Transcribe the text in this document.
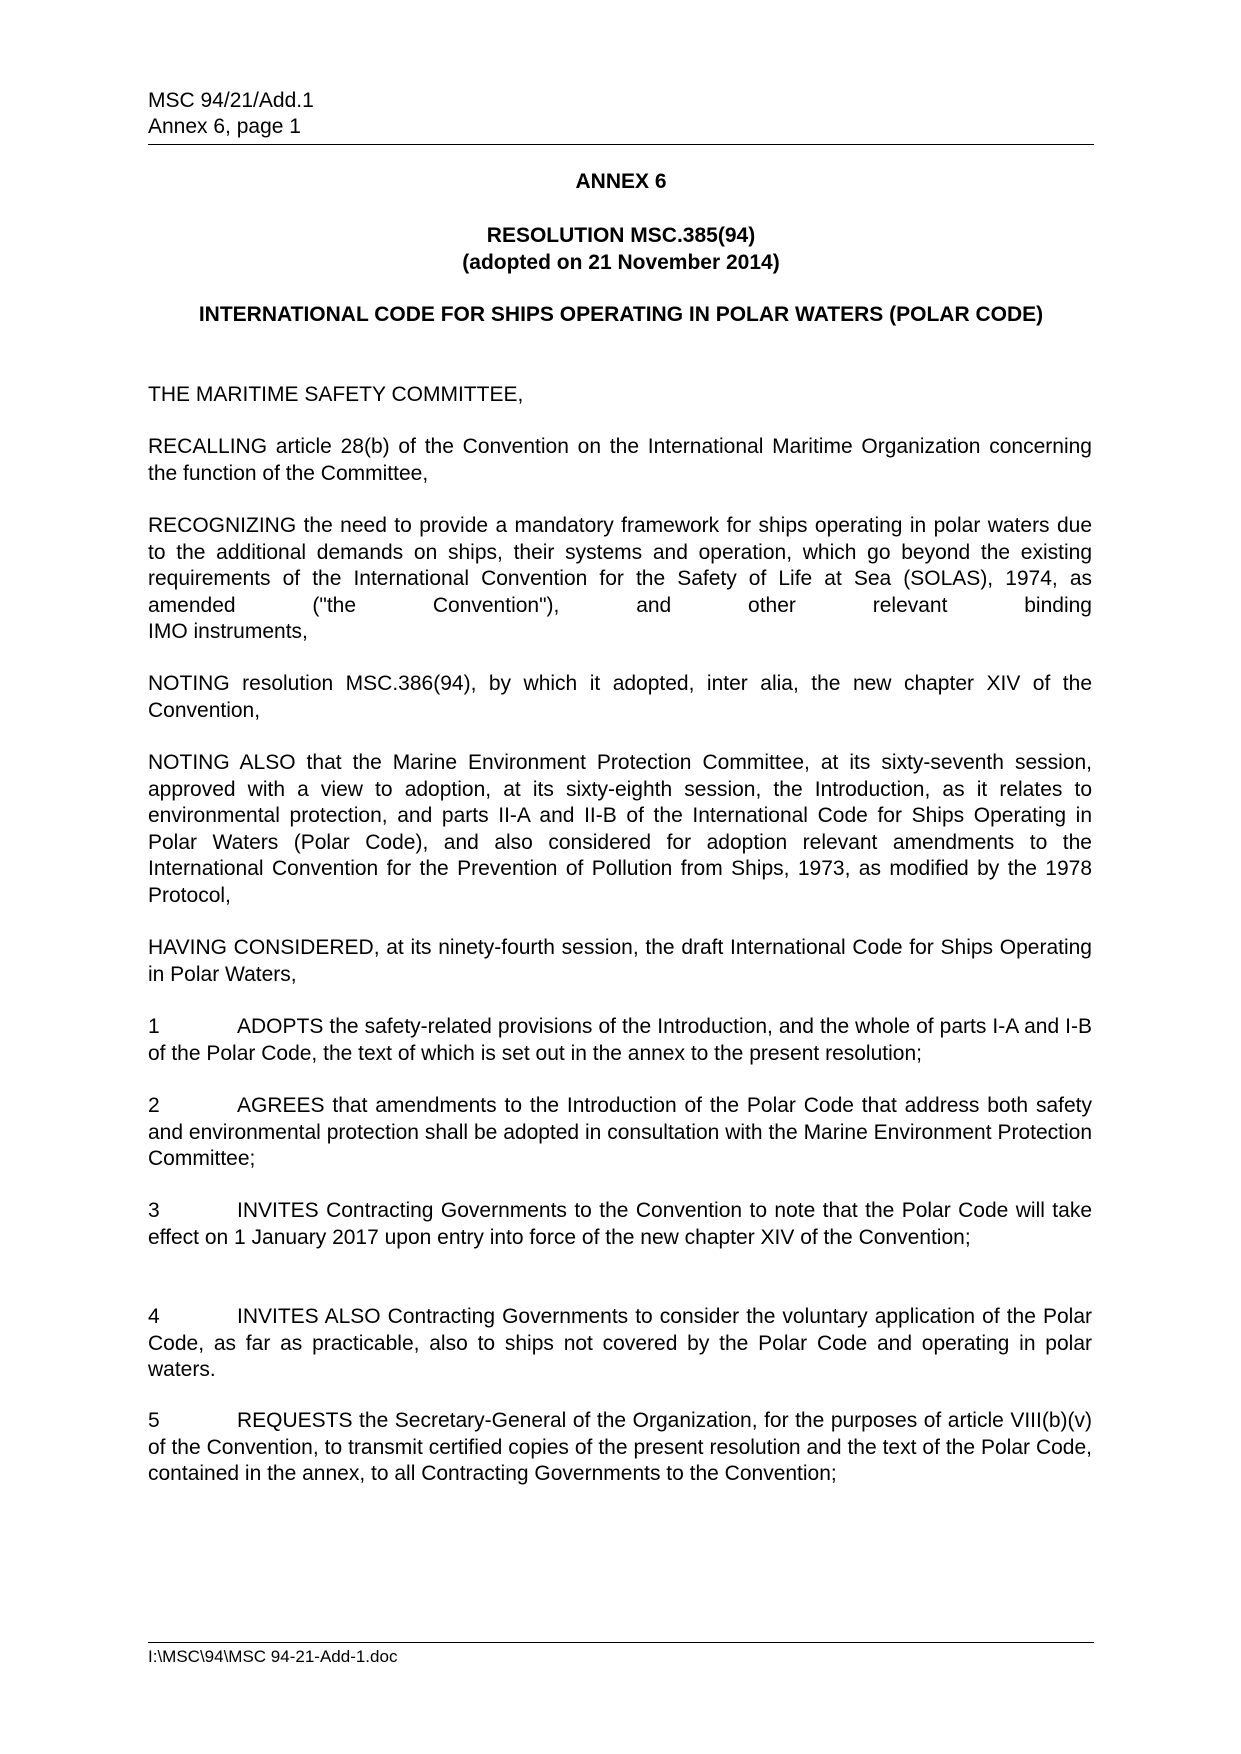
MSC 94/21/Add.1
Annex 6, page 1
ANNEX 6
RESOLUTION MSC.385(94)
(adopted on 21 November 2014)
INTERNATIONAL CODE FOR SHIPS OPERATING IN POLAR WATERS (POLAR CODE)

THE MARITIME SAFETY COMMITTEE,

RECALLING article 28(b) of the Convention on the International Maritime Organization concerning the function of the Committee,

RECOGNIZING the need to provide a mandatory framework for ships operating in polar waters due to the additional demands on ships, their systems and operation, which go beyond the existing requirements of the International Convention for the Safety of Life at Sea (SOLAS), 1974, as amended ("the Convention"), and other relevant binding

IMO instruments,

NOTING resolution MSC.386(94), by which it adopted, inter alia, the new chapter XIV of the Convention,

NOTING ALSO that the Marine Environment Protection Committee, at its sixty-seventh session, approved with a view to adoption, at its sixty-eighth session, the Introduction, as it relates to environmental protection, and parts II-A and II-B of the International Code for Ships Operating in Polar Waters (Polar Code), and also considered for adoption relevant amendments to the International Convention for the Prevention of Pollution from Ships, 1973, as modified by the 1978 Protocol,

HAVING CONSIDERED, at its ninety-fourth session, the draft International Code for Ships Operating in Polar Waters,

1	ADOPTS the safety-related provisions of the Introduction, and the whole of parts I-A and I-B of the Polar Code, the text of which is set out in the annex to the present resolution;

2	AGREES that amendments to the Introduction of the Polar Code that address both safety and environmental protection shall be adopted in consultation with the Marine Environment Protection Committee;

3	INVITES Contracting Governments to the Convention to note that the Polar Code will take effect on 1 January 2017 upon entry into force of the new chapter XIV of the Convention;

4	INVITES ALSO Contracting Governments to consider the voluntary application of the Polar Code, as far as practicable, also to ships not covered by the Polar Code and operating in polar waters.

5	REQUESTS the Secretary-General of the Organization, for the purposes of article VIII(b)(v) of the Convention, to transmit certified copies of the present resolution and the text of the Polar Code, contained in the annex, to all Contracting Governments to the Convention;

I:\MSC\94\MSC 94-21-Add-1.doc
